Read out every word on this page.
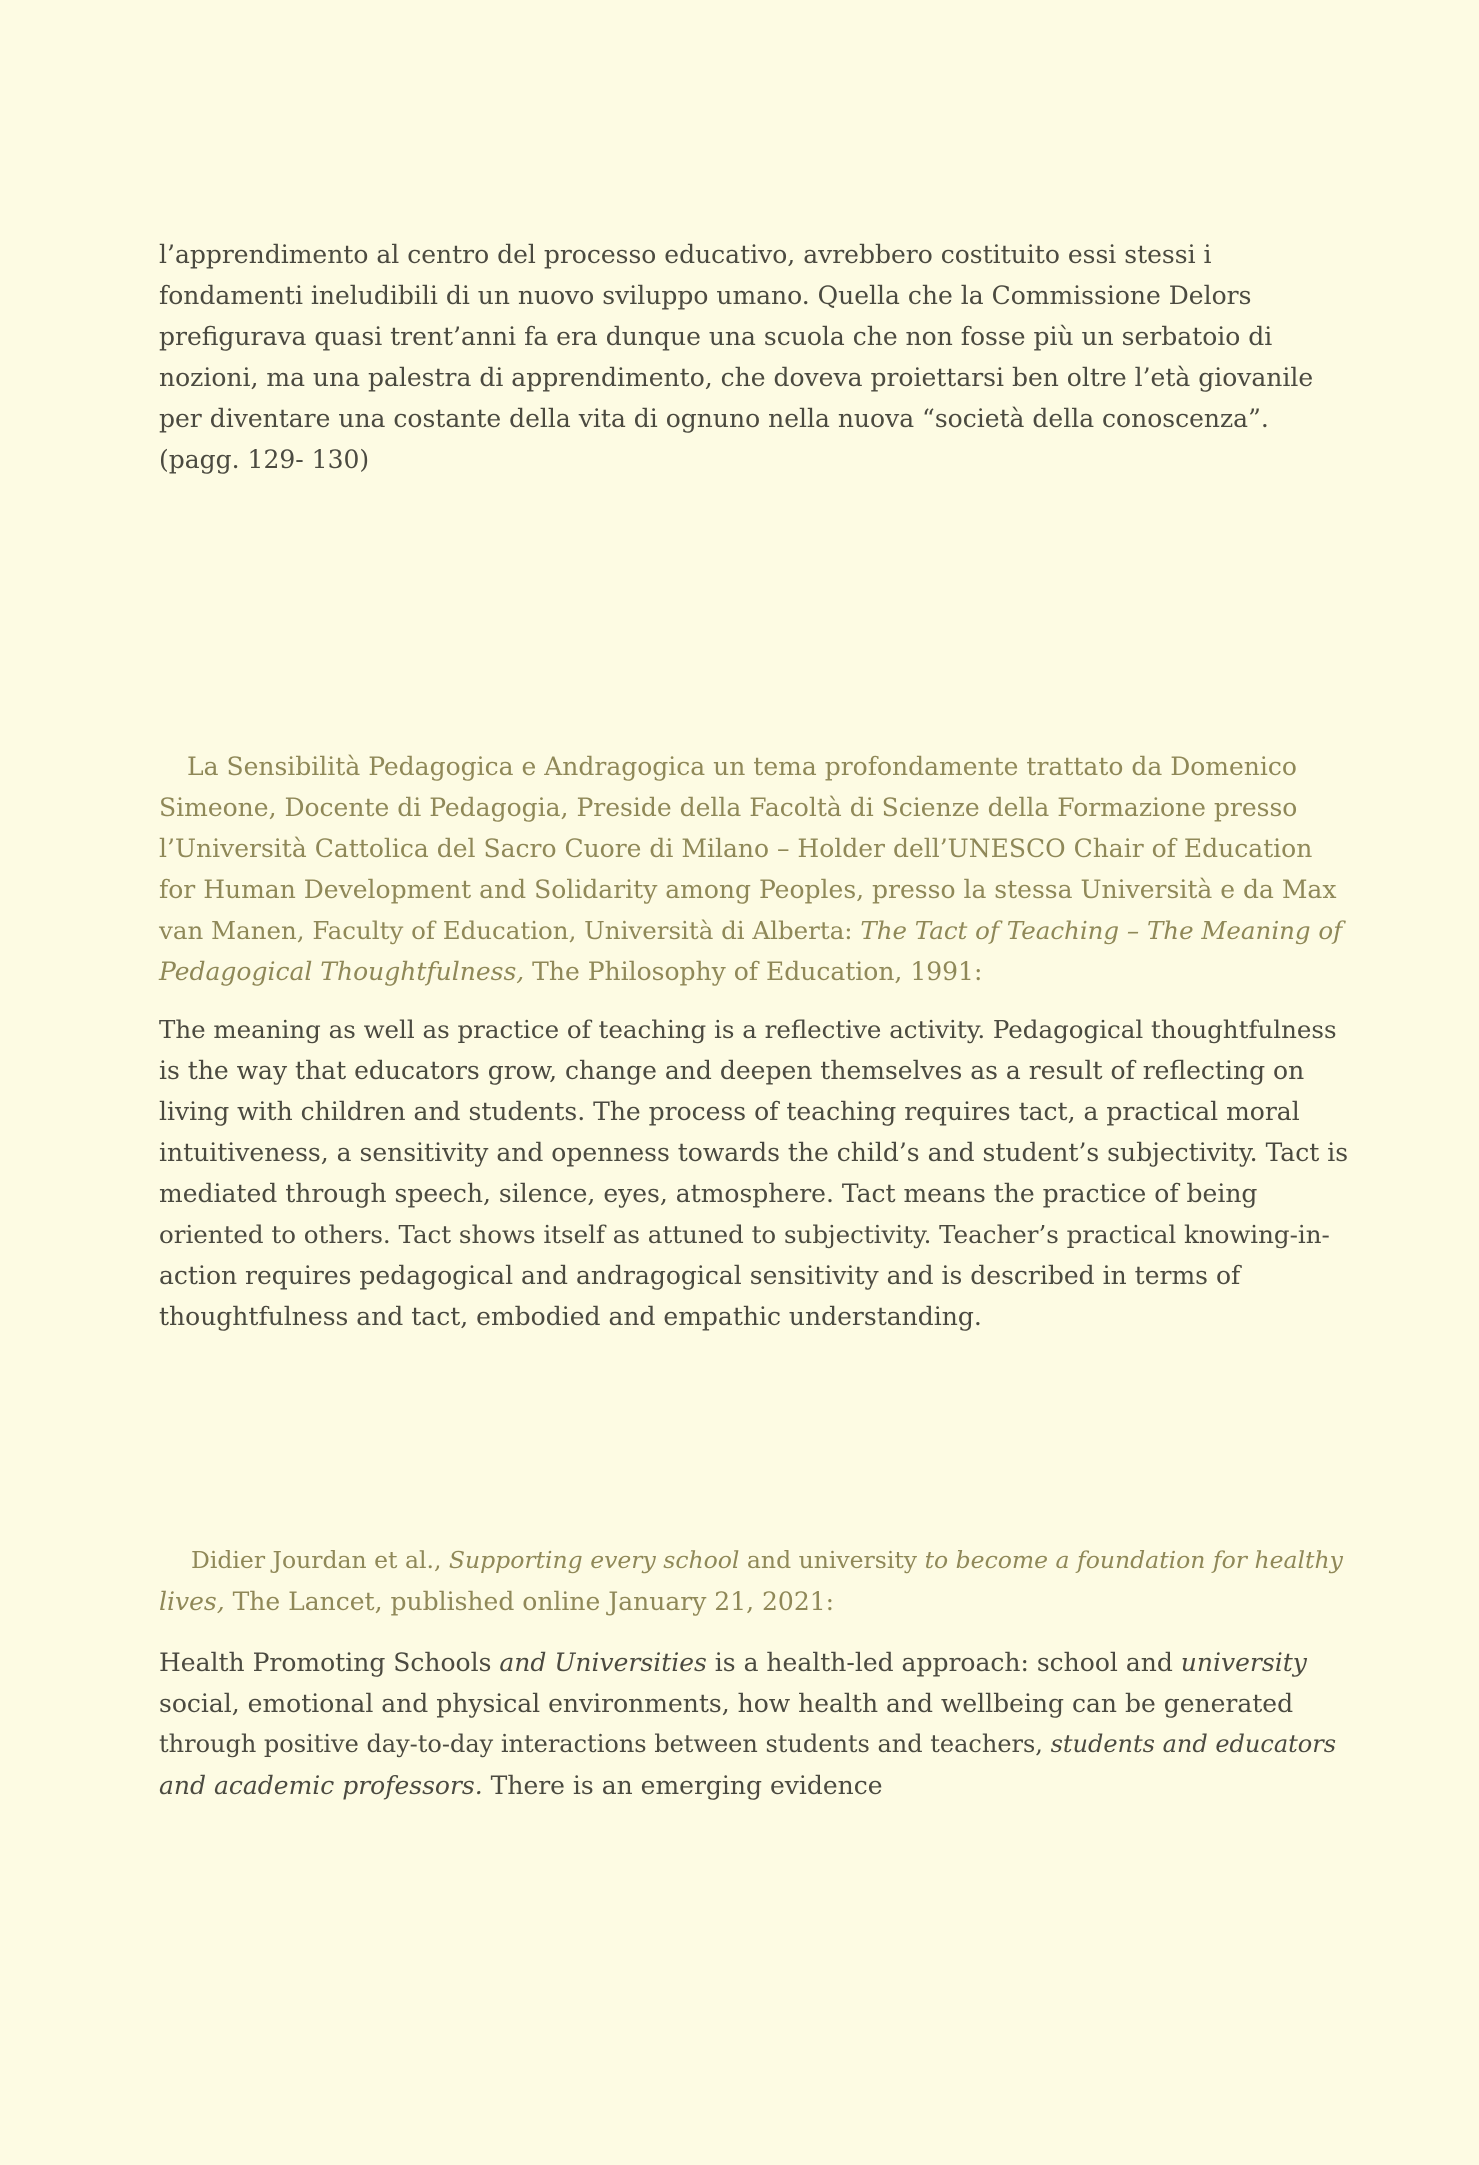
l’apprendimento al centro del processo educativo, avrebbero costituito essi stessi i
fondamenti ineludibili di un nuovo sviluppo umano. Quella che la Commissione Delors
prefigurava quasi trent’anni fa era dunque una scuola che non fosse più un serbatoio di
nozioni, ma una palestra di apprendimento, che doveva proiettarsi ben oltre l’età giovanile
per diventare una costante della vita di ognuno nella nuova “società della conoscenza”.
(pagg. 129- 130)
La Sensibilità Pedagogica e Andragogica un tema profondamente trattato da Domenico
Simeone, Docente di Pedagogia, Preside della Facoltà di Scienze della Formazione presso
l’Università Cattolica del Sacro Cuore di Milano – Holder dell’UNESCO Chair of Education
for Human Development and Solidarity among Peoples, presso la stessa Università e da Max
van Manen, Faculty of Education, Università di Alberta: The Tact of Teaching – The Meaning of
Pedagogical Thoughtfulness, The Philosophy of Education, 1991:
The meaning as well as practice of teaching is a reflective activity. Pedagogical thoughtfulness
is the way that educators grow, change and deepen themselves as a result of reflecting on
living with children and students. The process of teaching requires tact, a practical moral
intuitiveness, a sensitivity and openness towards the child’s and student’s subjectivity. Tact is
mediated through speech, silence, eyes, atmosphere. Tact means the practice of being
oriented to others. Tact shows itself as attuned to subjectivity. Teacher’s practical knowing-in-
action requires pedagogical and andragogical sensitivity and is described in terms of
thoughtfulness and tact, embodied and empathic understanding.
Didier Jourdan et al., Supporting every school and university to become a foundation for healthy
lives, The Lancet, published online January 21, 2021:
Health Promoting Schools and Universities is a health-led approach: school and university
social, emotional and physical environments, how health and wellbeing can be generated
through positive day-to-day interactions between students and teachers, students and educators
and academic professors. There is an emerging evidence
